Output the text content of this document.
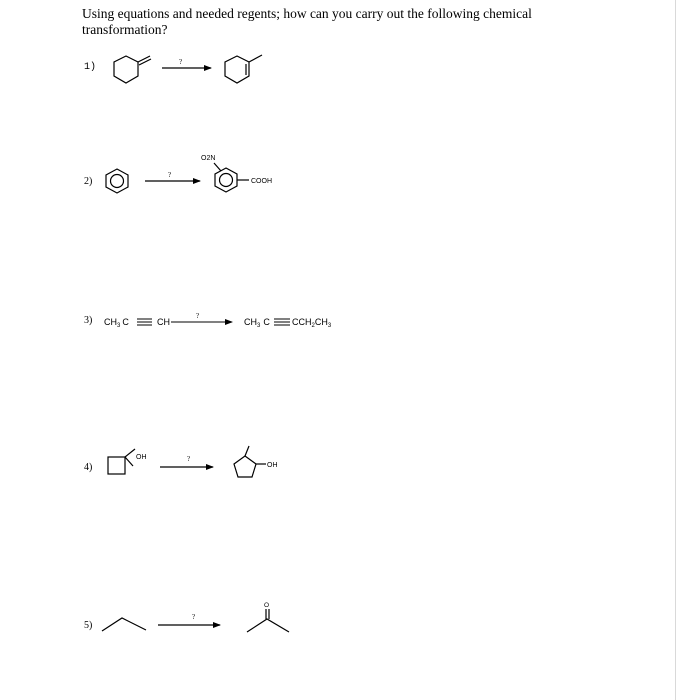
Using equations and needed regents; how can you carry out the following chemical
transformation?
1)
2)
3)
4)
5)
?
?
O2N
COOH
$CH_3$ C	CH	$CH_3$ C $CCH_2CH_3$
?
OH
OH
?
O
?
